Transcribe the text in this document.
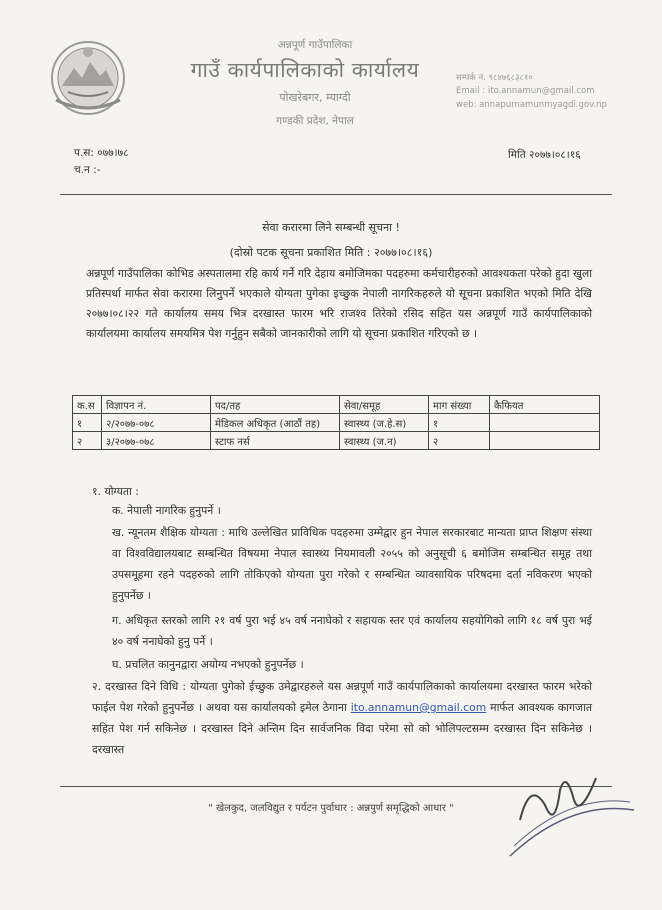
अन्नपूर्ण गाउँपालिका
गाउँ कार्यपालिकाको कार्यालय
पोखरेबगर, म्याग्दी
गण्डकी प्रदेश, नेपाल
सम्पर्क नं. ९८४७६८३८१०
Email : ito.annamun@gmail.com
web: annapurnamunmyagdi.gov.np
प.स: ०७७।७८
च.न :-
मिति २०७७।०८।१६
सेवा करारमा लिने सम्बन्धी सूचना !
(दोस्रो पटक सूचना प्रकाशित मिति : २०७७।०८।१६)
अन्नपूर्ण गाउँपालिका कोभिड अस्पतालमा रहि कार्य गर्ने गरि देहाय बमोजिमका पदहरुमा कर्मचारीहरुको आवश्यकता परेको हुदा खुला प्रतिस्पर्धा मार्फत सेवा करारमा लिनुपर्ने भएकाले योग्यता पुगेका इच्छुक नेपाली नागरिकहरुले यो सूचना प्रकाशित भएको मिति देखि २०७७।०८।२२ गते कार्यालय समय भित्र दरखास्त फारम भरि राजश्व तिरेको रसिद सहित यस अन्नपूर्ण गाउँ कार्यपालिकाको कार्यालयमा कार्यालय समयमित्र पेश गर्नुहुन सबैको जानकारीको लागि यो सूचना प्रकाशित गरिएको छ ।
क.स	विज्ञापन नं.	पद/तह	सेवा/समूह	माग संख्या	कैफियत
१	२/२०७७-०७८	मेडिकल अधिकृत (आठौं तह)	स्वास्थ्य (ज.हे.स)	१	
२	३/२०७७-०७८	स्टाफ नर्स	स्वास्थ्य (ज.न)	२	
१. योग्यता :
क. नेपाली नागरिक हुनुपर्ने ।
ख. न्यूनतम शैक्षिक योग्यता : माथि उल्लेखित प्राविधिक पदहरुमा उम्मेद्वार हुन नेपाल सरकारबाट मान्यता प्राप्त शिक्षण संस्था वा विश्वविद्यालयबाट सम्बन्धित विषयमा नेपाल स्वास्थ्य नियमावली २०५५ को अनुसूची ६ बमोजिम सम्बन्धित समूह तथा उपसमूहमा रहने पदहरुको लागि तोकिएको योग्यता पुरा गरेको र सम्बन्धित व्यावसायिक परिषदमा दर्ता नविकरण भएको हुनुपर्नेछ ।
ग. अधिकृत स्तरको लागि २१ वर्ष पुरा भई ४५ वर्ष ननाघेको र सहायक स्तर एवं कार्यालय सहयोगिको लागि १८ वर्ष पुरा भई ४० वर्ष ननाघेको हुनु पर्ने ।
घ. प्रचलित कानुनद्वारा अयोग्य नभएको हुनुपर्नेछ ।
२. दरखास्त दिने विधि : योग्यता पुगेको ईच्छुक उमेद्वारहरुले यस अन्नपूर्ण गाउँ कार्यपालिकाको कार्यालयमा दरखास्त फारम भरेको फाईल पेश गरेको हुनुपर्नेछ । अथवा यस कार्यालयको इमेल ठेगाना ito.annamun@gmail.com मार्फत आवश्यक कागजात सहित पेश गर्न सकिनेछ । दरखास्त दिने अन्तिम दिन सार्वजनिक विदा परेमा सो को भोलिपल्टसम्म दरखास्त दिन सकिनेछ । दरखास्त
" खेलकुद, जलविद्युत र पर्यटन पुर्वाधार : अन्नपुर्ण समृद्धिको आधार "
